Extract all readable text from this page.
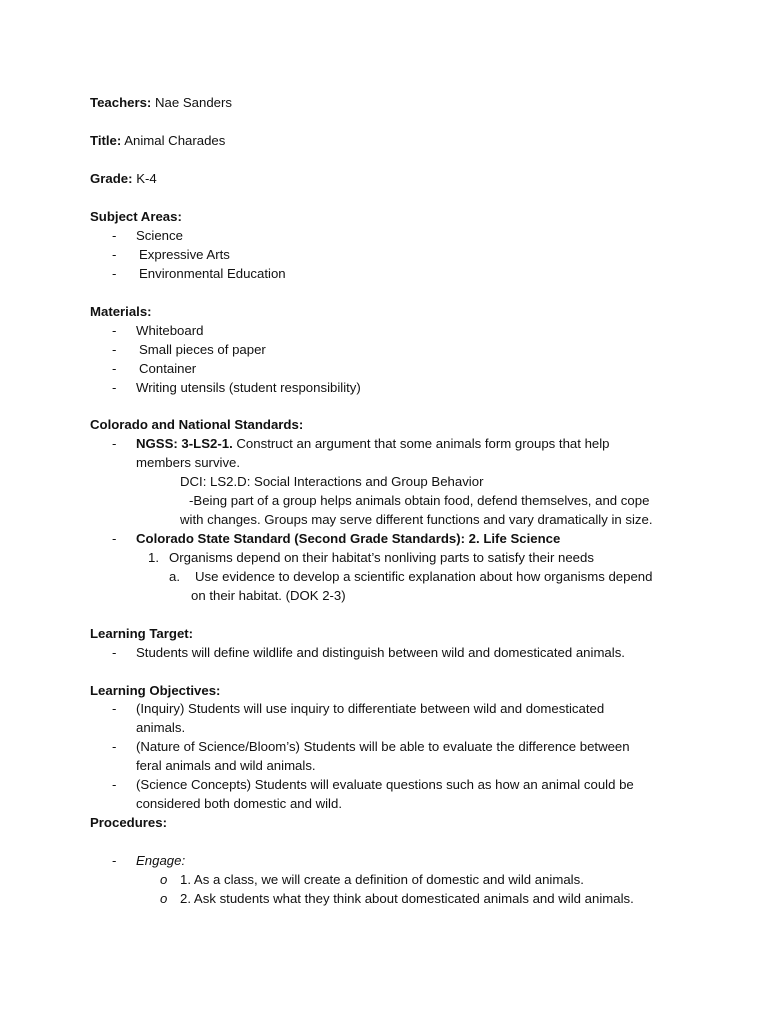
Teachers: Nae Sanders
Title: Animal Charades
Grade: K-4
Subject Areas:
- Science
- Expressive Arts
- Environmental Education
Materials:
- Whiteboard
- Small pieces of paper
- Container
- Writing utensils (student responsibility)
Colorado and National Standards:
- NGSS: 3-LS2-1. Construct an argument that some animals form groups that help
members survive.
DCI: LS2.D: Social Interactions and Group Behavior
-Being part of a group helps animals obtain food, defend themselves, and cope
with changes. Groups may serve different functions and vary dramatically in size.
- Colorado State Standard (Second Grade Standards): 2. Life Science
1. Organisms depend on their habitat’s nonliving parts to satisfy their needs
a. Use evidence to develop a scientific explanation about how organisms depend
on their habitat. (DOK 2-3)
Learning Target:
- Students will define wildlife and distinguish between wild and domesticated animals.
Learning Objectives:
- (Inquiry) Students will use inquiry to differentiate between wild and domesticated
animals.
- (Nature of Science/Bloom’s) Students will be able to evaluate the difference between
feral animals and wild animals.
- (Science Concepts) Students will evaluate questions such as how an animal could be
considered both domestic and wild.
Procedures:
- Engage:
o 1. As a class, we will create a definition of domestic and wild animals.
o 2. Ask students what they think about domesticated animals and wild animals.
